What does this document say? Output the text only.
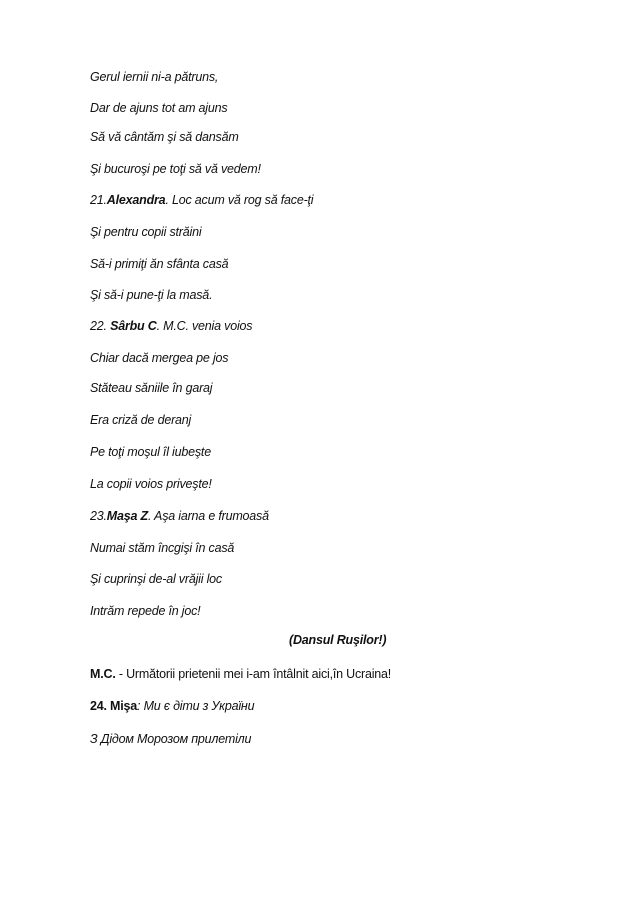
Gerul iernii ni-a pătruns,
Dar de ajuns tot am ajuns
Să vă cântăm şi să dansăm
Şi bucuroşi pe toţi să vă vedem!
21.Alexandra. Loc acum vă rog să face-ţi
Şi pentru copii străini
Să-i primiţi ăn sfânta casă
Şi să-i pune-ţi la masă.
22. Sârbu C. M.C. venia voios
Chiar dacă mergea pe jos
Stăteau săniile în garaj
Era criză de deranj
Pe toţi moşul îl iubeşte
La copii voios priveşte!
23.Maşa Z. Aşa iarna e frumoasă
Numai stăm încgişi în casă
Şi cuprinşi de-al vrăjii loc
Intrăm repede în joc!
(Dansul Ruşilor!)
M.C. - Următorii prietenii mei i-am întâlnit aici,în Ucraina!
24. Mişa: Ми є діти з України
З Дідом Морозом прилетіли
